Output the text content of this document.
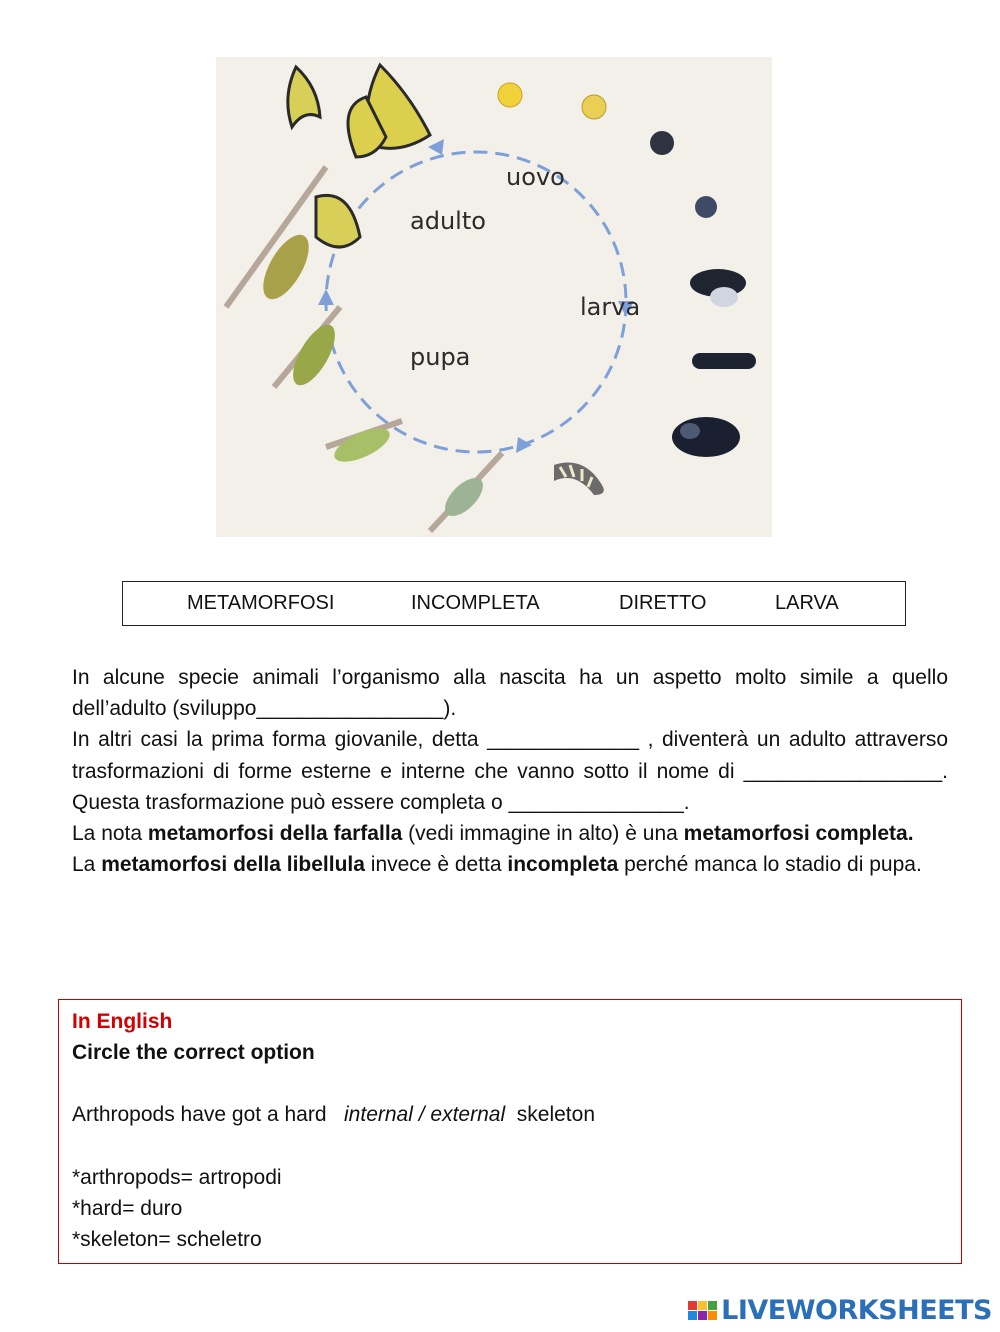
uovo
adulto
larva
pupa
METAMORFOSI	INCOMPLETA	DIRETTO	LARVA

In alcune specie animali l’organismo alla nascita ha un aspetto molto simile a quello dell’adulto (sviluppo________________).

In altri casi la prima forma giovanile, detta _____________ , diventerà un adulto attraverso trasformazioni di forme esterne e interne che vanno sotto il nome di _________________. Questa trasformazione può essere completa o _______________.

La nota metamorfosi della farfalla (vedi immagine in alto) è una metamorfosi completa.

La metamorfosi della libellula invece è detta incompleta perché manca lo stadio di pupa.

In English
Circle the correct option
Arthropods have got a hard   internal / external  skeleton
*arthropods= artropodi
*hard= duro
*skeleton= scheletro
LIVEWORKSHEETS
